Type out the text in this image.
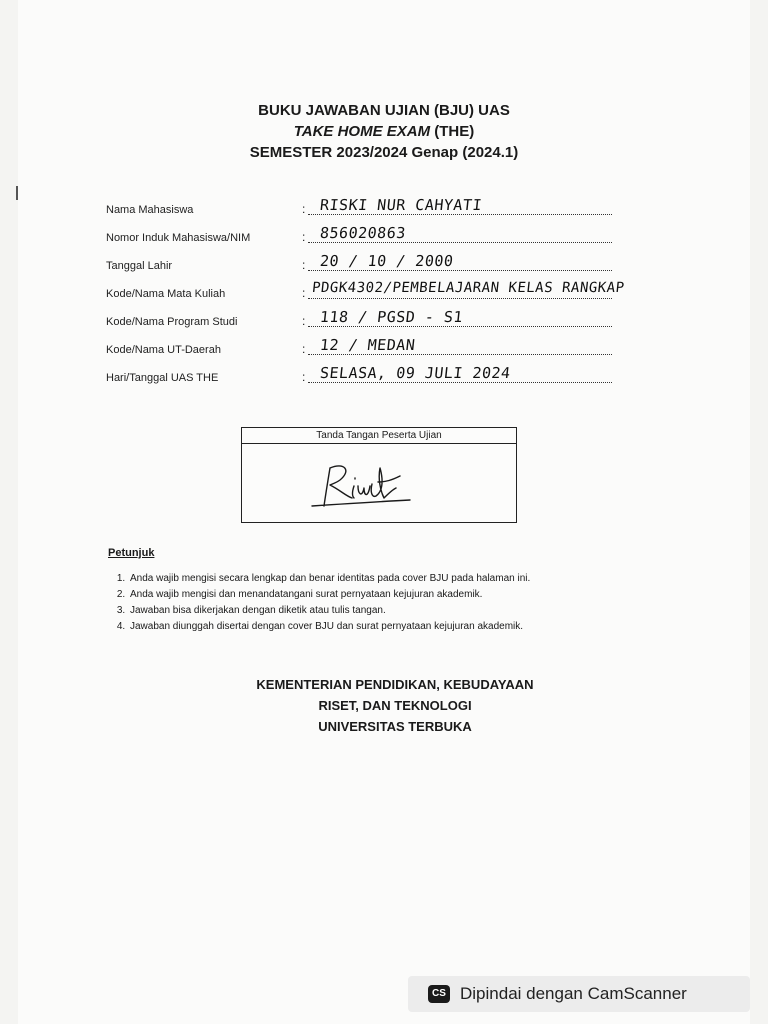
BUKU JAWABAN UJIAN (BJU) UAS
TAKE HOME EXAM (THE)
SEMESTER 2023/2024 Genap (2024.1)
Nama Mahasiswa	: RISKI NUR CAHYATI
Nomor Induk Mahasiswa/NIM	: 856020863
Tanggal Lahir	: 20 / 10 / 2000
Kode/Nama Mata Kuliah	: PDGK4302/PEMBELAJARAN KELAS RANGKAP
Kode/Nama Program Studi	: 118 / PGSD - S1
Kode/Nama UT-Daerah	: 12 / MEDAN
Hari/Tanggal UAS THE	: SELASA, 09 JULI 2024
Tanda Tangan Peserta Ujian
Petunjuk
1. Anda wajib mengisi secara lengkap dan benar identitas pada cover BJU pada halaman ini.
2. Anda wajib mengisi dan menandatangani surat pernyataan kejujuran akademik.
3. Jawaban bisa dikerjakan dengan diketik atau tulis tangan.
4. Jawaban diunggah disertai dengan cover BJU dan surat pernyataan kejujuran akademik.
KEMENTERIAN PENDIDIKAN, KEBUDAYAAN
RISET, DAN TEKNOLOGI
UNIVERSITAS TERBUKA
CS Dipindai dengan CamScanner
